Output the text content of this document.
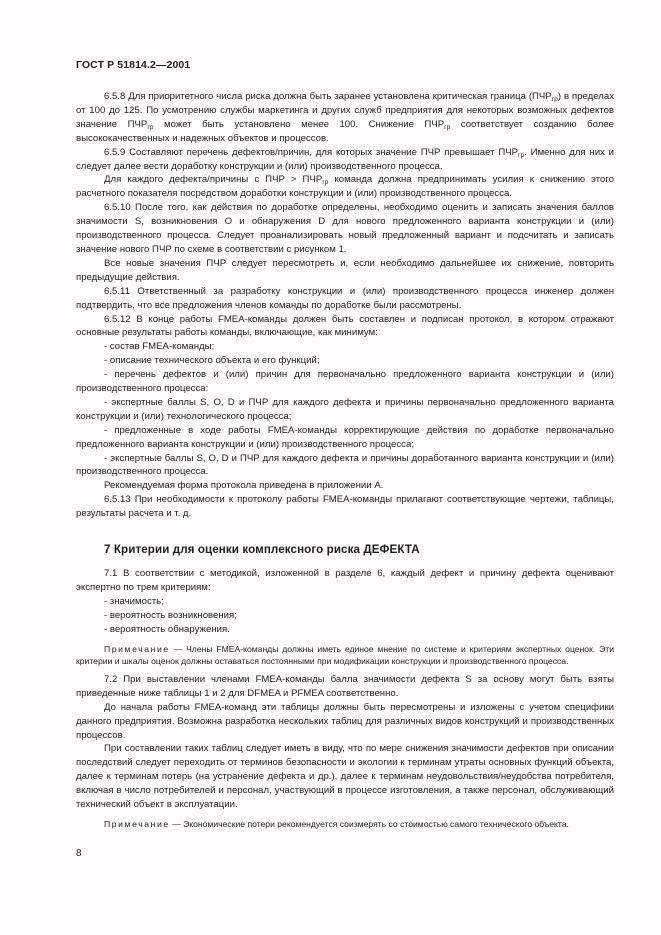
ГОСТ Р 51814.2—2001

6.5.8 Для приоритетного числа риска должна быть заранее установлена критическая граница $(ПЧР_{гр})$ в пределах от 100 до 125. По усмотрению службы маркетинга и других служб предприятия для некоторых возможных дефектов значение $ПЧР_{гр}$ может быть установлено менее 100. Снижение $ПЧР_{гр}$ соответствует созданию более высококачественных и надежных объектов и процессов.

6.5.9 Составляют перечень дефектов/причин, для которых значение ПЧР превышает $ПЧР_{гр}$. Именно для них и следует далее вести доработку конструкции и (или) производственного процесса.

Для каждого дефекта/причины с ПЧР > $ПЧР_{гр}$ команда должна предпринимать усилия к снижению этого расчетного показателя посредством доработки конструкции и (или) производственного процесса.

6.5.10 После того, как действия по доработке определены, необходимо оценить и записать значения баллов значимости S, возникновения O и обнаружения D для нового предложенного варианта конструкции и (или) производственного процесса. Следует проанализировать новый предложенный вариант и подсчитать и записать значение нового ПЧР по схеме в соответствии с рисунком 1.

Все новые значения ПЧР следует пересмотреть и, если необходимо дальнейшее их снижение, повторить предыдущие действия.

6.5.11 Ответственный за разработку конструкции и (или) производственного процесса инженер должен подтвердить, что все предложения членов команды по доработке были рассмотрены.

6.5.12 В конце работы FMEA-команды должен быть составлен и подписан протокол, в котором отражают основные результаты работы команды, включающие, как минимум:

- состав FMEA-команды;

- описание технического объекта и его функций;

- перечень дефектов и (или) причин для первоначально предложенного варианта конструкции и (или) производственного процесса:

- экспертные баллы S, O, D и ПЧР для каждого дефекта и причины первоначально предложенного варианта конструкции и (или) технологического процесса;

- предложенные в ходе работы FMEA-команды корректирующие действия по доработке первоначально предложенного варианта конструкции и (или) производственного процесса;

- экспертные баллы S, O, D и ПЧР для каждого дефекта и причины доработанного варианта конструкции и (или) производственного процесса.

Рекомендуемая форма протокола приведена в приложении А.

6.5.13 При необходимости к протоколу работы FMEA-команды прилагают соответствующие чертежи, таблицы, результаты расчета и т. д.

7 Критерии для оценки комплексного риска ДЕФЕКТА

7.1 В соответствии с методикой, изложенной в разделе 6, каждый дефект и причину дефекта оценивают экспертно по трем критериям:

- значимость;

- вероятность возникновения;

- вероятность обнаружения.

Примечание — Члены FMEA-команды должны иметь единое мнение по системе и критериям экспертных оценок. Эти критерии и шкалы оценок должны оставаться постоянными при модификации конструкции и производственного процесса.

7.2 При выставлении членами FMEA-команды балла значимости дефекта S за основу могут быть взяты приведенные ниже таблицы 1 и 2 для DFMEA и PFMEA соответственно.

До начала работы FMEA-команд эти таблицы должны быть пересмотрены и изложены с учетом специфики данного предприятия. Возможна разработка нескольких таблиц для различных видов конструкций и производственных процессов.

При составлении таких таблиц следует иметь в виду, что по мере снижения значимости дефектов при описании последствий следует переходить от терминов безопасности и экологии к терминам утраты основных функций объекта, далее к терминам потерь (на устранение дефекта и др.), далее к терминам неудовольствия/неудобства потребителя, включая в число потребителей и персонал, участвующий в процессе изготовления, а также персонал, обслуживающий технический объект в эксплуатации.

Примечание — Экономические потери рекомендуется соизмерять со стоимостью самого технического объекта.

8
